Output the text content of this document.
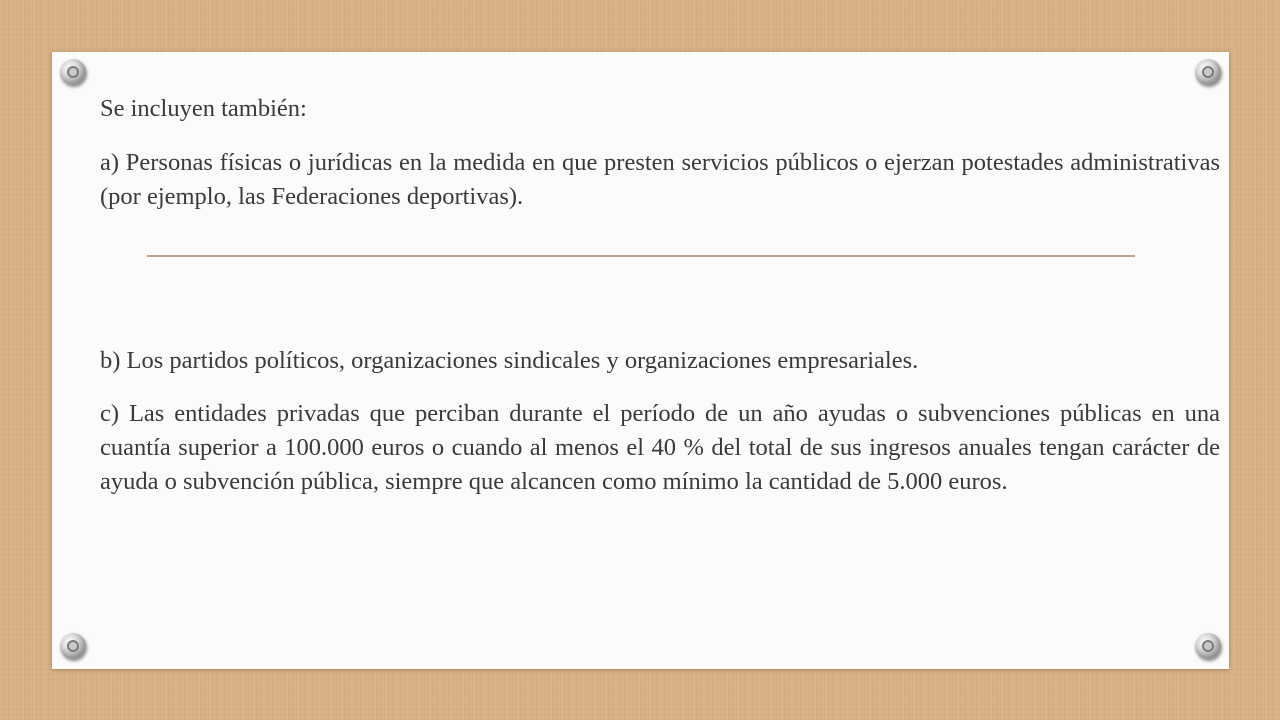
Se incluyen también:

a) Personas físicas o jurídicas en la medida en que presten servicios públicos o ejerzan potestades administrativas (por ejemplo, las Federaciones deportivas).

b) Los partidos políticos, organizaciones sindicales y organizaciones empresariales.

c) Las entidades privadas que perciban durante el período de un año ayudas o subvenciones públicas en una cuantía superior a 100.000 euros o cuando al menos el 40 % del total de sus ingresos anuales tengan carácter de ayuda o subvención pública, siempre que alcancen como mínimo la cantidad de 5.000 euros.
